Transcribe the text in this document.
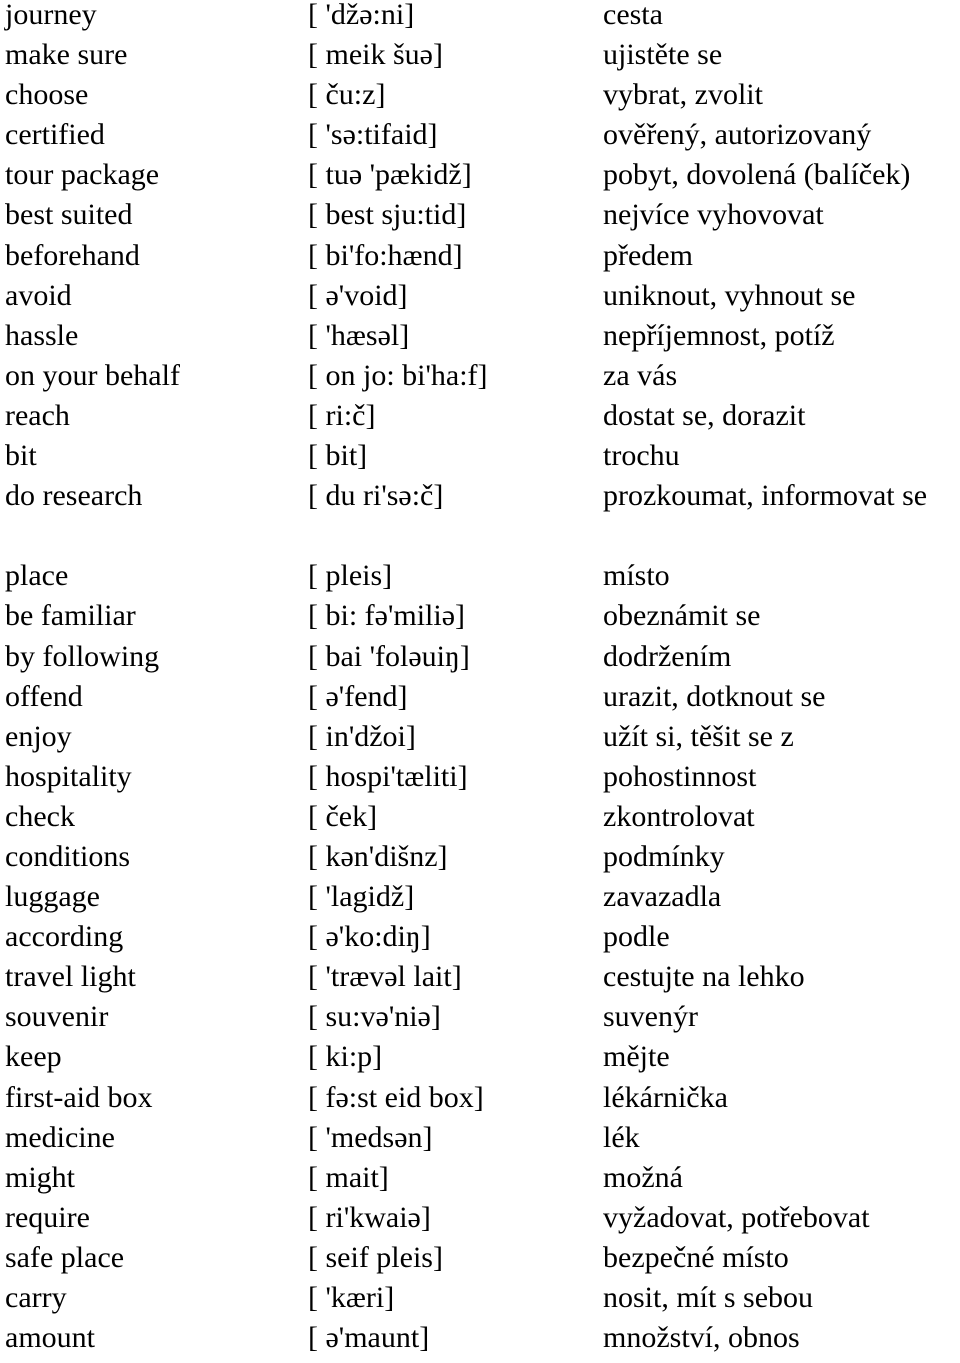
journey	[ 'džə:ni]	cesta
make sure	[ meik šuə]	ujistěte se
choose	[ ču:z]	vybrat, zvolit
certified	[ 'sə:tifaid]	ověřený, autorizovaný
tour package	[ tuə 'pækidž]	pobyt, dovolená (balíček)
best suited	[ best sju:tid]	nejvíce vyhovovat
beforehand	[ bi'fo:hænd]	předem
avoid	[ ə'void]	uniknout, vyhnout se
hassle	[ 'hæsəl]	nepříjemnost, potíž
on your behalf	[ on jo: bi'ha:f]	za vás
reach	[ ri:č]	dostat se, dorazit
bit	[ bit]	trochu
do research	[ du ri'sə:č]	prozkoumat, informovat se
place	[ pleis]	místo
be familiar	[ bi: fə'miliə]	obeznámit se
by following	[ bai 'foləuiŋ]	dodržením
offend	[ ə'fend]	urazit, dotknout se
enjoy	[ in'džoi]	užít si, těšit se z
hospitality	[ hospi'tæliti]	pohostinnost
check	[ ček]	zkontrolovat
conditions	[ kən'dišnz]	podmínky
luggage	[ 'lagidž]	zavazadla
according	[ ə'ko:diŋ]	podle
travel light	[ 'trævəl lait]	cestujte na lehko
souvenir	[ su:və'niə]	suvenýr
keep	[ ki:p]	mějte
first-aid box	[ fə:st eid box]	lékárnička
medicine	[ 'medsən]	lék
might	[ mait]	možná
require	[ ri'kwaiə]	vyžadovat, potřebovat
safe place	[ seif pleis]	bezpečné místo
carry	[ 'kæri]	nosit, mít s sebou
amount	[ ə'maunt]	množství, obnos
